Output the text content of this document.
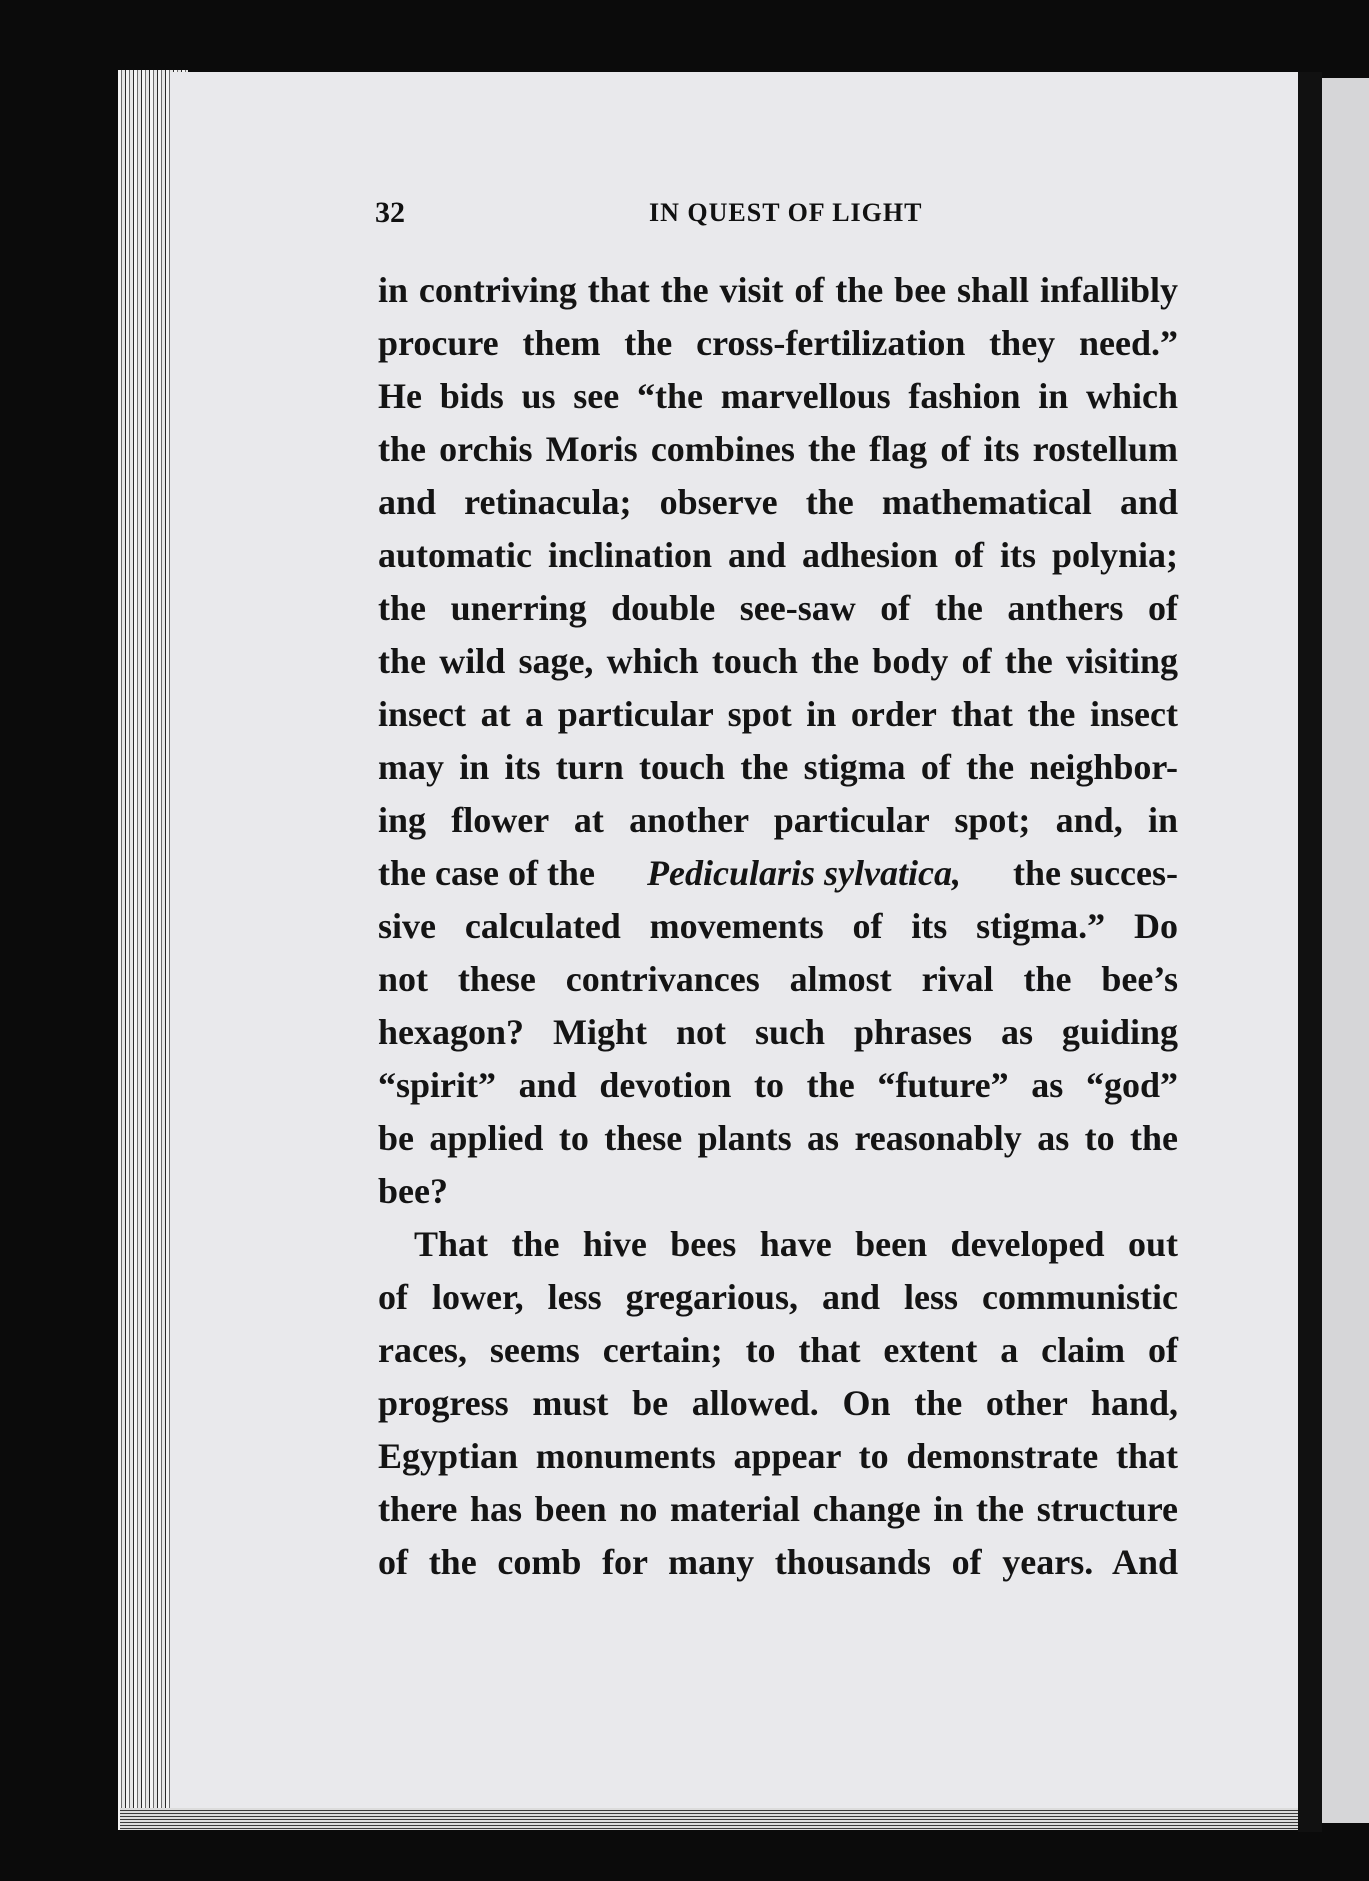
32	IN QUEST OF LIGHT
in contriving that the visit of the bee shall infallibly
procure them the cross-fertilization they need.”
He bids us see “the marvellous fashion in which
the orchis Moris combines the flag of its rostellum
and retinacula; observe the mathematical and
automatic inclination and adhesion of its polynia;
the unerring double see-saw of the anthers of
the wild sage, which touch the body of the visiting
insect at a particular spot in order that the insect
may in its turn touch the stigma of the neighbor-
ing flower at another particular spot; and, in
the case of the Pedicularis sylvatica, the succes-
sive calculated movements of its stigma.” Do
not these contrivances almost rival the bee’s
hexagon? Might not such phrases as guiding
“spirit” and devotion to the “future” as “god”
be applied to these plants as reasonably as to the
bee?
That the hive bees have been developed out
of lower, less gregarious, and less communistic
races, seems certain; to that extent a claim of
progress must be allowed. On the other hand,
Egyptian monuments appear to demonstrate that
there has been no material change in the structure
of the comb for many thousands of years. And
